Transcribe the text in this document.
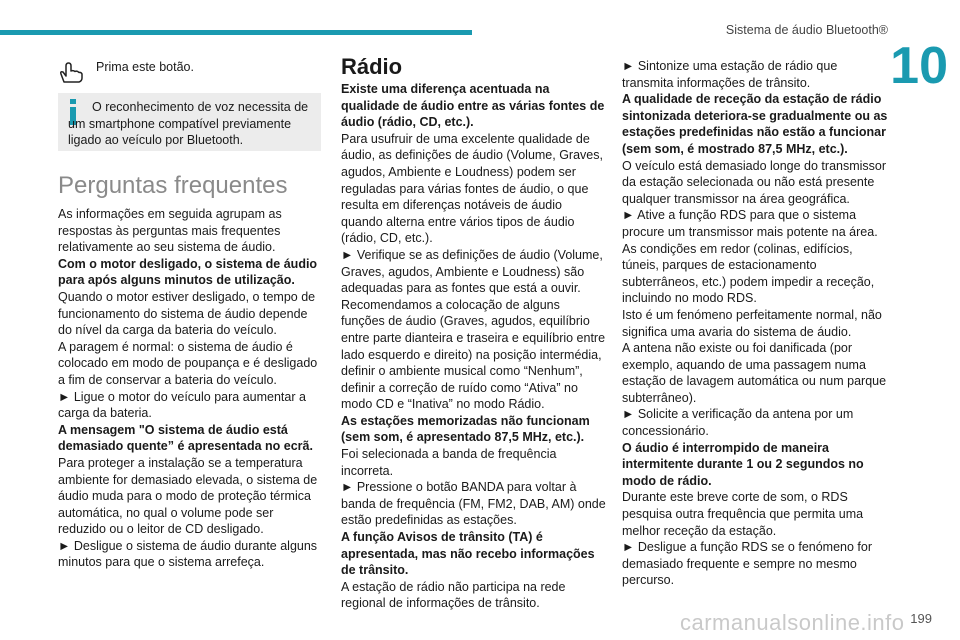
Sistema de áudio Bluetooth®
10
Prima este botão.
O reconhecimento de voz necessita de um smartphone compatível previamente ligado ao veículo por Bluetooth.
Perguntas frequentes

As informações em seguida agrupam as respostas às perguntas mais frequentes relativamente ao seu sistema de áudio.

Com o motor desligado, o sistema de áudio para após alguns minutos de utilização.

Quando o motor estiver desligado, o tempo de funcionamento do sistema de áudio depende do nível da carga da bateria do veículo.

A paragem é normal: o sistema de áudio é colocado em modo de poupança e é desligado a fim de conservar a bateria do veículo.

► Ligue o motor do veículo para aumentar a carga da bateria.

A mensagem "O sistema de áudio está demasiado quente” é apresentada no ecrã.

Para proteger a instalação se a temperatura ambiente for demasiado elevada, o sistema de áudio muda para o modo de proteção térmica automática, no qual o volume pode ser reduzido ou o leitor de CD desligado.

► Desligue o sistema de áudio durante alguns minutos para que o sistema arrefeça.

Rádio

Existe uma diferença acentuada na qualidade de áudio entre as várias fontes de áudio (rádio, CD, etc.).

Para usufruir de uma excelente qualidade de áudio, as definições de áudio (Volume, Graves, agudos, Ambiente e Loudness) podem ser reguladas para várias fontes de áudio, o que resulta em diferenças notáveis de áudio quando alterna entre vários tipos de áudio (rádio, CD, etc.).

► Verifique se as definições de áudio (Volume, Graves, agudos, Ambiente e Loudness) são adequadas para as fontes que está a ouvir. Recomendamos a colocação de alguns funções de áudio (Graves, agudos, equilíbrio entre parte dianteira e traseira e equilíbrio entre lado esquerdo e direito) na posição intermédia, definir o ambiente musical como “Nenhum”, definir a correção de ruído como “Ativa” no modo CD e “Inativa” no modo Rádio.

As estações memorizadas não funcionam (sem som, é apresentado 87,5 MHz, etc.).

Foi selecionada a banda de frequência incorreta.

► Pressione o botão BANDA para voltar à banda de frequência (FM, FM2, DAB, AM) onde estão predefinidas as estações.

A função Avisos de trânsito (TA) é apresentada, mas não recebo informações de trânsito.

A estação de rádio não participa na rede regional de informações de trânsito.

► Sintonize uma estação de rádio que transmita informações de trânsito.

A qualidade de receção da estação de rádio sintonizada deteriora-se gradualmente ou as estações predefinidas não estão a funcionar (sem som, é mostrado 87,5 MHz, etc.).

O veículo está demasiado longe do transmissor da estação selecionada ou não está presente qualquer transmissor na área geográfica.

► Ative a função RDS para que o sistema procure um transmissor mais potente na área.

As condições em redor (colinas, edifícios, túneis, parques de estacionamento subterrâneos, etc.) podem impedir a receção, incluindo no modo RDS.

Isto é um fenómeno perfeitamente normal, não significa uma avaria do sistema de áudio.

A antena não existe ou foi danificada (por exemplo, aquando de uma passagem numa estação de lavagem automática ou num parque subterrâneo).

► Solicite a verificação da antena por um concessionário.

O áudio é interrompido de maneira intermitente durante 1 ou 2 segundos no modo de rádio.

Durante este breve corte de som, o RDS pesquisa outra frequência que permita uma melhor receção da estação.

► Desligue a função RDS se o fenómeno for demasiado frequente e sempre no mesmo percurso.

carmanualsonline.info 199
